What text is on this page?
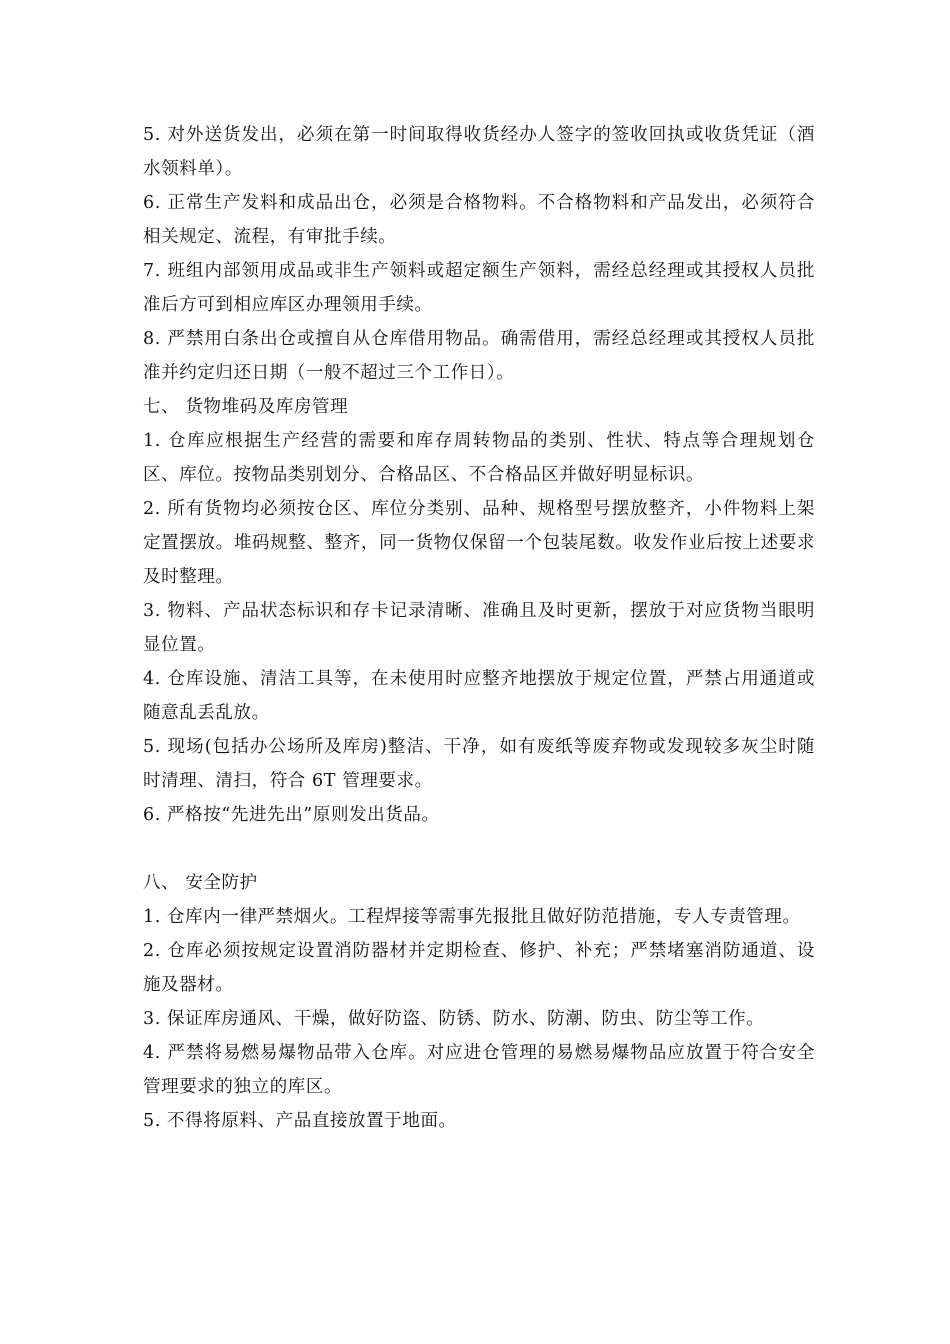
5. 对外送货发出，必须在第一时间取得收货经办人签字的签收回执或收货凭证（酒水领料单）。

6. 正常生产发料和成品出仓，必须是合格物料。不合格物料和产品发出，必须符合相关规定、流程，有审批手续。

7. 班组内部领用成品或非生产领料或超定额生产领料，需经总经理或其授权人员批准后方可到相应库区办理领用手续。

8. 严禁用白条出仓或擅自从仓库借用物品。确需借用，需经总经理或其授权人员批准并约定归还日期（一般不超过三个工作日）。

七、 货物堆码及库房管理

1. 仓库应根据生产经营的需要和库存周转物品的类别、性状、特点等合理规划仓区、库位。按物品类别划分、合格品区、不合格品区并做好明显标识。

2. 所有货物均必须按仓区、库位分类别、品种、规格型号摆放整齐，小件物料上架定置摆放。堆码规整、整齐，同一货物仅保留一个包装尾数。收发作业后按上述要求及时整理。

3. 物料、产品状态标识和存卡记录清晰、准确且及时更新，摆放于对应货物当眼明显位置。

4. 仓库设施、清洁工具等，在未使用时应整齐地摆放于规定位置，严禁占用通道或随意乱丢乱放。

5. 现场(包括办公场所及库房)整洁、干净，如有废纸等废弃物或发现较多灰尘时随时清理、清扫，符合 6T 管理要求。

6. 严格按“先进先出”原则发出货品。

八、 安全防护

1. 仓库内一律严禁烟火。工程焊接等需事先报批且做好防范措施，专人专责管理。

2. 仓库必须按规定设置消防器材并定期检查、修护、补充；严禁堵塞消防通道、设施及器材。

3. 保证库房通风、干燥，做好防盗、防锈、防水、防潮、防虫、防尘等工作。

4. 严禁将易燃易爆物品带入仓库。对应进仓管理的易燃易爆物品应放置于符合安全管理要求的独立的库区。

5. 不得将原料、产品直接放置于地面。
